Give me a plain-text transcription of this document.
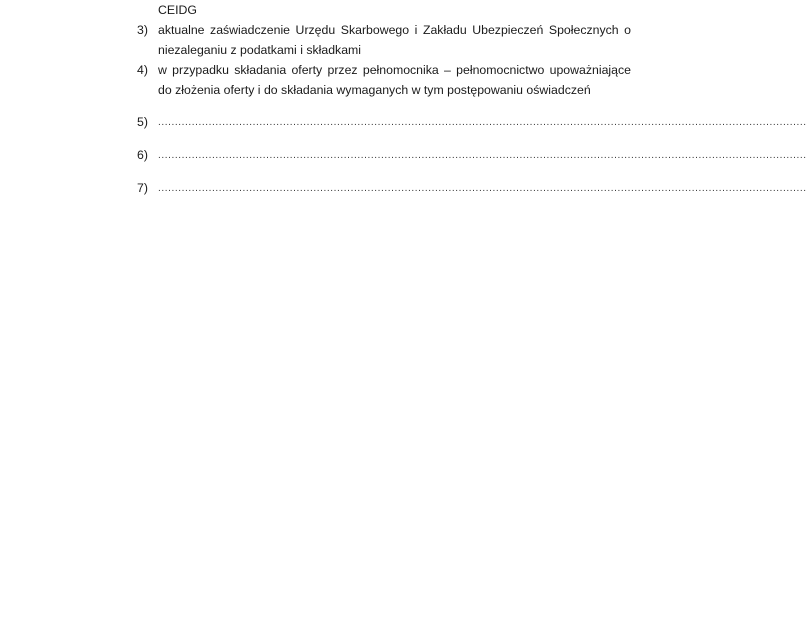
CEIDG
3) aktualne zaświadczenie Urzędu Skarbowego i Zakładu Ubezpieczeń Społecznych o
niezaleganiu z podatkami i składkami
4) w przypadku składania oferty przez pełnomocnika – pełnomocnictwo upoważniające
do złożenia oferty i do składania wymaganych w tym postępowaniu oświadczeń
5)	................................................................................................................................................................................................
6)	................................................................................................................................................................................................
7)	................................................................................................................................................................................................
